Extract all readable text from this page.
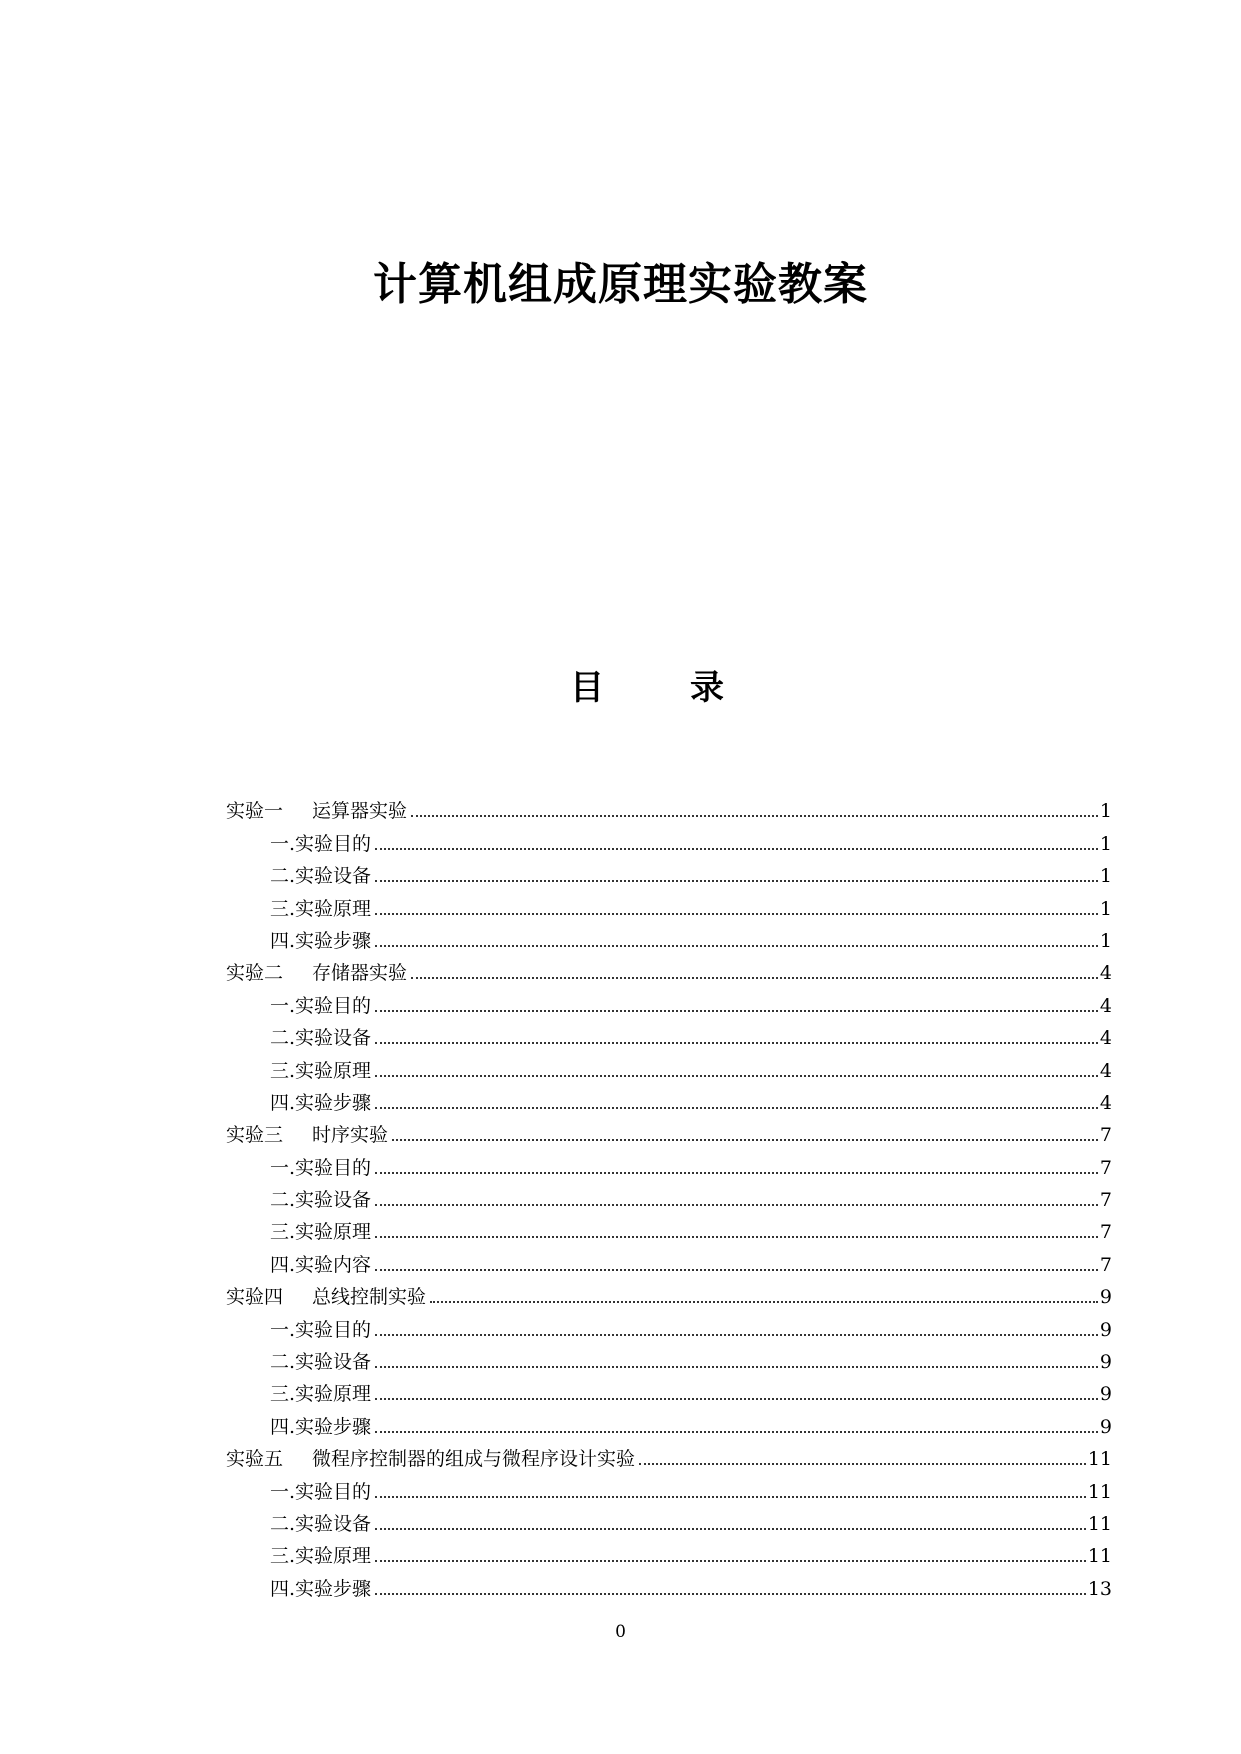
计算机组成原理实验教案
目	录
实验一 运算器实验	1
一.实验目的	1
二.实验设备	1
三.实验原理	1
四.实验步骤	1
实验二 存储器实验	4
一.实验目的	4
二.实验设备	4
三.实验原理	4
四.实验步骤	4
实验三 时序实验	7
一.实验目的	7
二.实验设备	7
三.实验原理	7
四.实验内容	7
实验四 总线控制实验	9
一.实验目的	9
二.实验设备	9
三.实验原理	9
四.实验步骤	9
实验五 微程序控制器的组成与微程序设计实验	11
一.实验目的	11
二.实验设备	11
三.实验原理	11
四.实验步骤	13
0
